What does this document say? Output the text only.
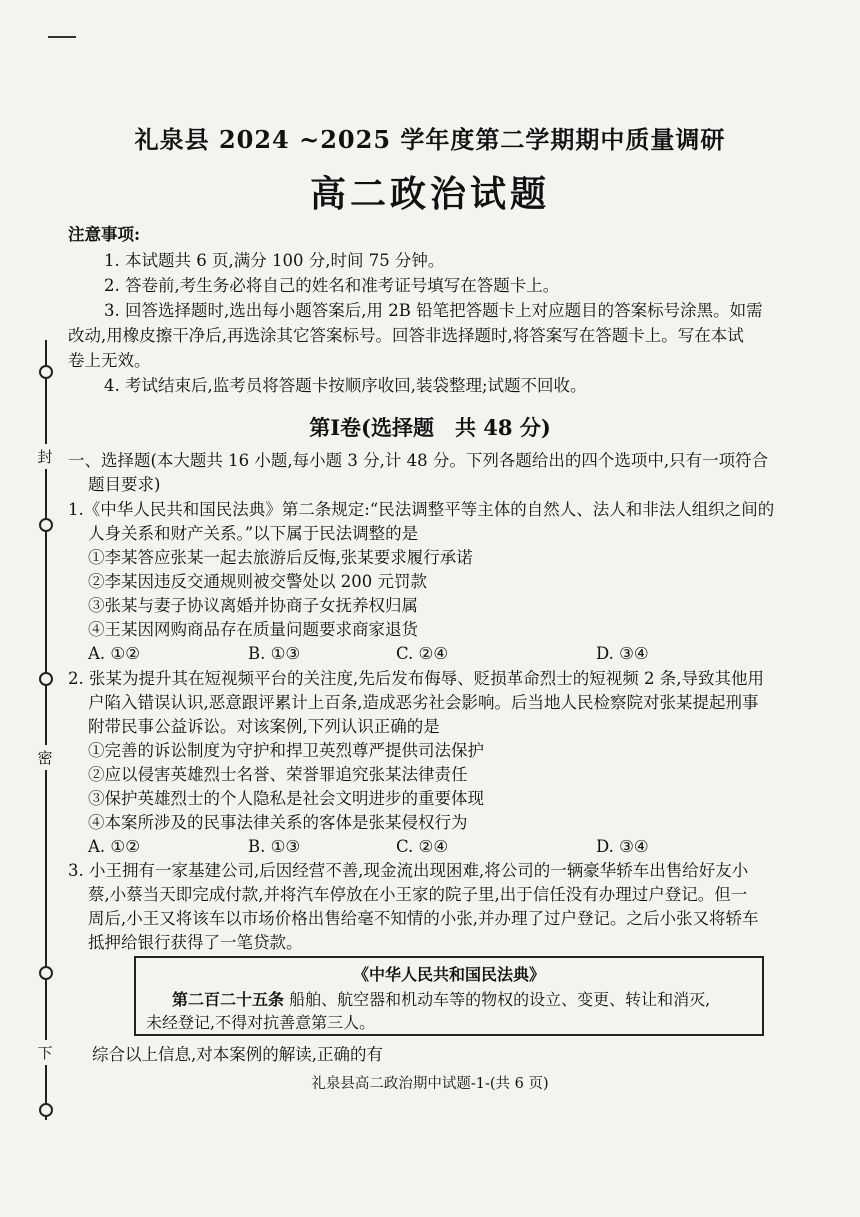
封
密
下
礼泉县 2024 ~2025 学年度第二学期期中质量调研
高二政治试题
注意事项:
1. 本试题共 6 页,满分 100 分,时间 75 分钟。
2. 答卷前,考生务必将自己的姓名和准考证号填写在答题卡上。
3. 回答选择题时,选出每小题答案后,用 2B 铅笔把答题卡上对应题目的答案标号涂黑。如需
改动,用橡皮擦干净后,再选涂其它答案标号。回答非选择题时,将答案写在答题卡上。写在本试
卷上无效。
4. 考试结束后,监考员将答题卡按顺序收回,装袋整理;试题不回收。
第Ⅰ卷(选择题　共 48 分)
一、选择题(本大题共 16 小题,每小题 3 分,计 48 分。下列各题给出的四个选项中,只有一项符合
题目要求)
1.《中华人民共和国民法典》第二条规定:“民法调整平等主体的自然人、法人和非法人组织之间的
人身关系和财产关系。”以下属于民法调整的是
①李某答应张某一起去旅游后反悔,张某要求履行承诺
②李某因违反交通规则被交警处以 200 元罚款
③张某与妻子协议离婚并协商子女抚养权归属
④王某因网购商品存在质量问题要求商家退货
A. ①②	B. ①③	C. ②④	D. ③④
2. 张某为提升其在短视频平台的关注度,先后发布侮辱、贬损革命烈士的短视频 2 条,导致其他用
户陷入错误认识,恶意跟评累计上百条,造成恶劣社会影响。后当地人民检察院对张某提起刑事
附带民事公益诉讼。对该案例,下列认识正确的是
①完善的诉讼制度为守护和捍卫英烈尊严提供司法保护
②应以侵害英雄烈士名誉、荣誉罪追究张某法律责任
③保护英雄烈士的个人隐私是社会文明进步的重要体现
④本案所涉及的民事法律关系的客体是张某侵权行为
A. ①②	B. ①③	C. ②④	D. ③④
3. 小王拥有一家基建公司,后因经营不善,现金流出现困难,将公司的一辆豪华轿车出售给好友小
蔡,小蔡当天即完成付款,并将汽车停放在小王家的院子里,出于信任没有办理过户登记。但一
周后,小王又将该车以市场价格出售给毫不知情的小张,并办理了过户登记。之后小张又将轿车
抵押给银行获得了一笔贷款。
《中华人民共和国民法典》
第二百二十五条 船舶、航空器和机动车等的物权的设立、变更、转让和消灭,
未经登记,不得对抗善意第三人。
综合以上信息,对本案例的解读,正确的有
礼泉县高二政治期中试题-1-(共 6 页)
